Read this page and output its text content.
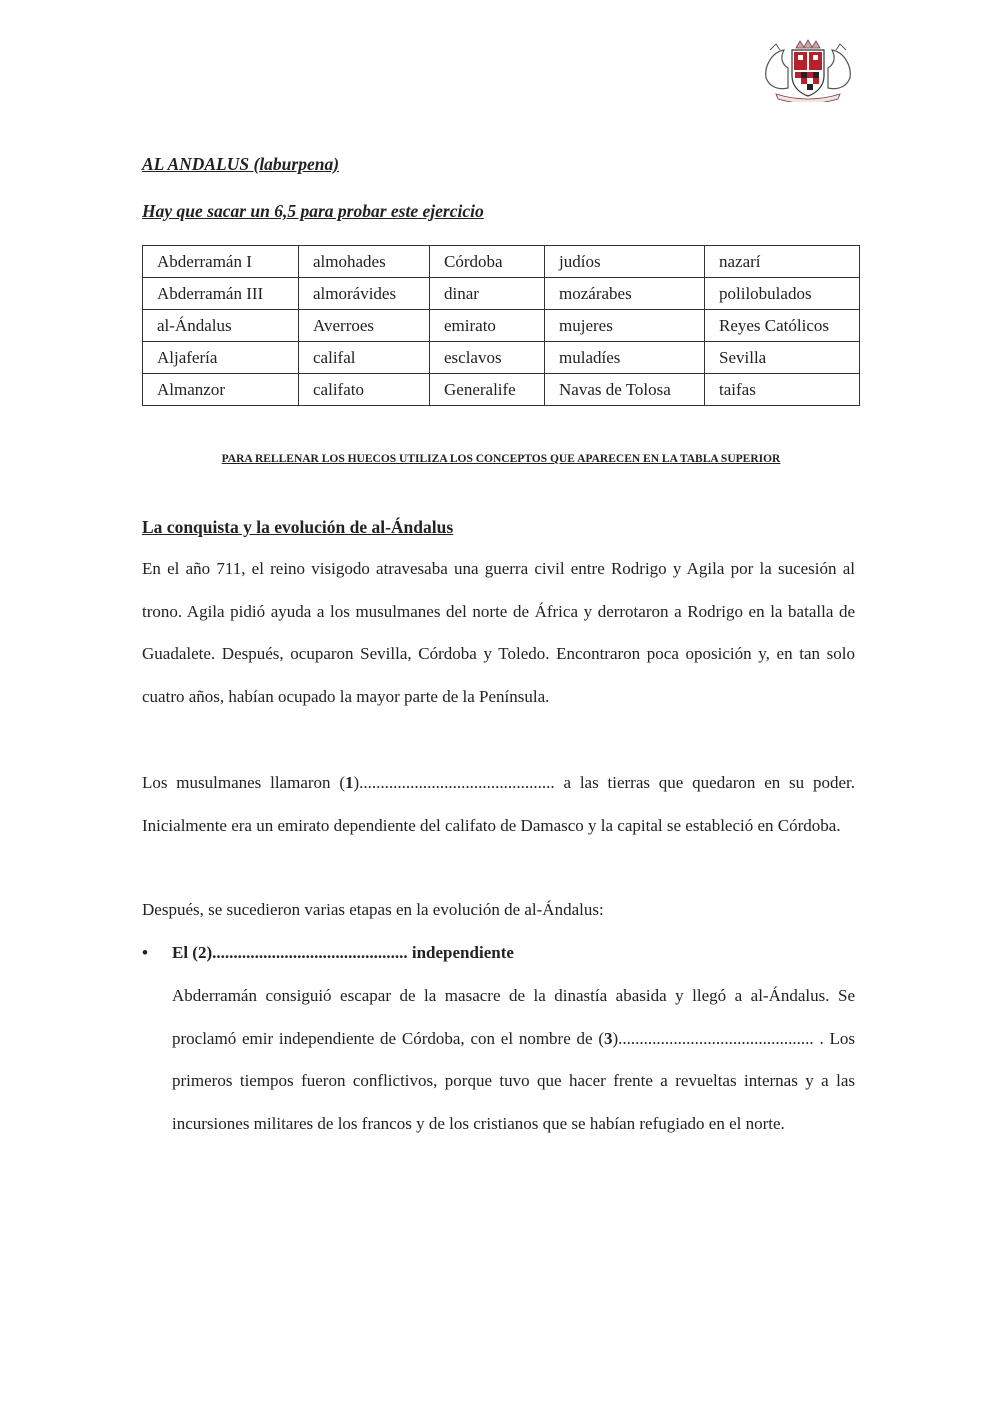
AL ANDALUS (laburpena)
Hay que sacar un 6,5 para probar este ejercicio
Abderramán I	almohades	Córdoba	judíos	nazarí
Abderramán III	almorávides	dinar	mozárabes	polilobulados
al-Ándalus	Averroes	emirato	mujeres	Reyes Católicos
Aljafería	califal	esclavos	muladíes	Sevilla
Almanzor	califato	Generalife	Navas de Tolosa	taifas
PARA RELLENAR LOS HUECOS UTILIZA LOS CONCEPTOS QUE APARECEN EN LA TABLA SUPERIOR
La conquista y la evolución de al-Ándalus

En el año 711, el reino visigodo atravesaba una guerra civil entre Rodrigo y Agila por la sucesión al trono. Agila pidió ayuda a los musulmanes del norte de África y derrotaron a Rodrigo en la batalla de Guadalete. Después, ocuparon Sevilla, Córdoba y Toledo. Encontraron poca oposición y, en tan solo cuatro años, habían ocupado la mayor parte de la Península.

Los musulmanes llamaron (1).............................................. a las tierras que quedaron en su poder. Inicialmente era un emirato dependiente del califato de Damasco y la capital se estableció en Córdoba.

Después, se sucedieron varias etapas en la evolución de al-Ándalus:

• El (2).............................................. independiente

Abderramán consiguió escapar de la masacre de la dinastía abasida y llegó a al-Ándalus. Se proclamó emir independiente de Córdoba, con el nombre de (3).............................................. . Los primeros tiempos fueron conflictivos, porque tuvo que hacer frente a revueltas internas y a las incursiones militares de los francos y de los cristianos que se habían refugiado en el norte.
